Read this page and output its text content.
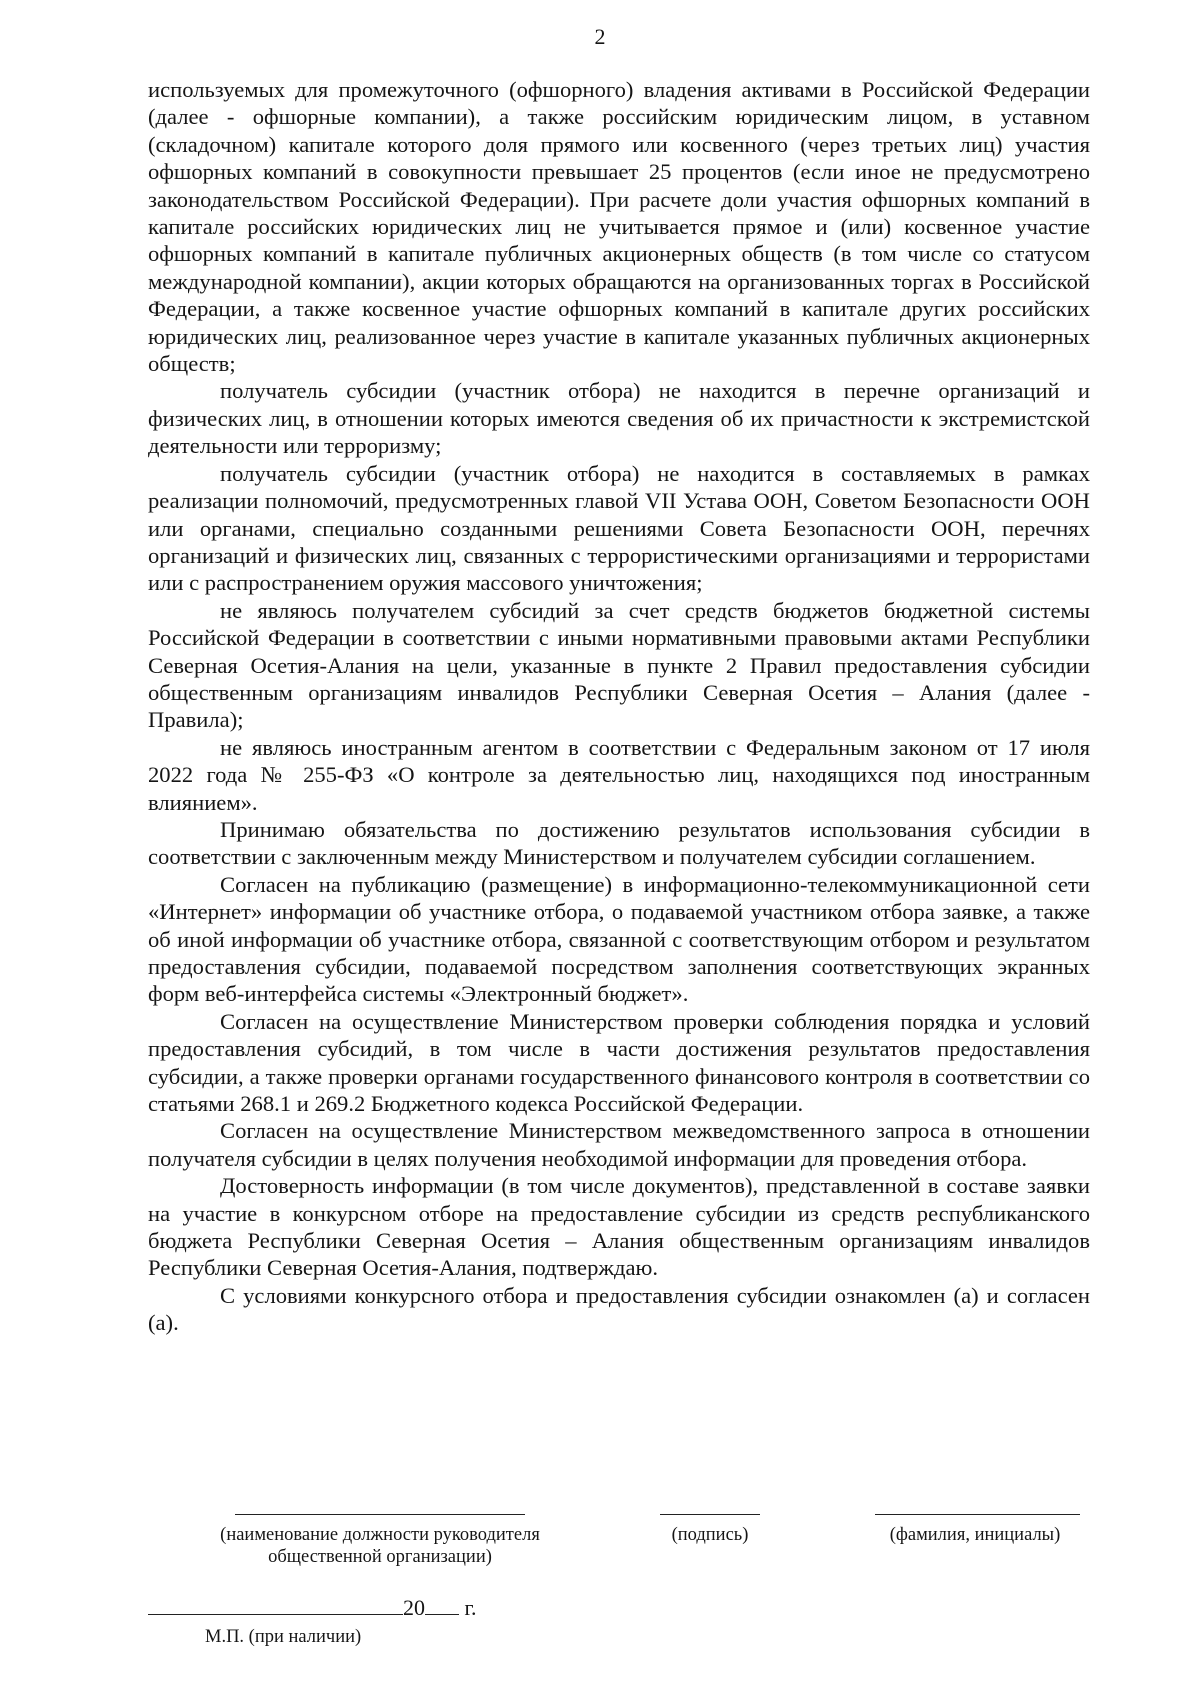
2

используемых для промежуточного (офшорного) владения активами в Российской Федерации (далее - офшорные компании), а также российским юридическим лицом, в уставном (складочном) капитале которого доля прямого или косвенного (через третьих лиц) участия офшорных компаний в совокупности превышает 25 процентов (если иное не предусмотрено законодательством Российской Федерации). При расчете доли участия офшорных компаний в капитале российских юридических лиц не учитывается прямое и (или) косвенное участие офшорных компаний в капитале публичных акционерных обществ (в том числе со статусом международной компании), акции которых обращаются на организованных торгах в Российской Федерации, а также косвенное участие офшорных компаний в капитале других российских юридических лиц, реализованное через участие в капитале указанных публичных акционерных обществ;

получатель субсидии (участник отбора) не находится в перечне организаций и физических лиц, в отношении которых имеются сведения об их причастности к экстремистской деятельности или терроризму;

получатель субсидии (участник отбора) не находится в составляемых в рамках реализации полномочий, предусмотренных главой VII Устава ООН, Советом Безопасности ООН или органами, специально созданными решениями Совета Безопасности ООН, перечнях организаций и физических лиц, связанных с террористическими организациями и террористами или с распространением оружия массового уничтожения;

не являюсь получателем субсидий за счет средств бюджетов бюджетной системы Российской Федерации в соответствии с иными нормативными правовыми актами Республики Северная Осетия-Алания на цели, указанные в пункте 2 Правил предоставления субсидии общественным организациям инвалидов Республики Северная Осетия – Алания (далее - Правила);

не являюсь иностранным агентом в соответствии с Федеральным законом от 17 июля 2022 года № 255-ФЗ «О контроле за деятельностью лиц, находящихся под иностранным влиянием».

Принимаю обязательства по достижению результатов использования субсидии в соответствии с заключенным между Министерством и получателем субсидии соглашением.

Согласен на публикацию (размещение) в информационно-телекоммуникационной сети «Интернет» информации об участнике отбора, о подаваемой участником отбора заявке, а также об иной информации об участнике отбора, связанной с соответствующим отбором и результатом предоставления субсидии, подаваемой посредством заполнения соответствующих экранных форм веб-интерфейса системы «Электронный бюджет».

Согласен на осуществление Министерством проверки соблюдения порядка и условий предоставления субсидий, в том числе в части достижения результатов предоставления субсидии, а также проверки органами государственного финансового контроля в соответствии со статьями 268.1 и 269.2 Бюджетного кодекса Российской Федерации.

Согласен на осуществление Министерством межведомственного запроса в отношении получателя субсидии в целях получения необходимой информации для проведения отбора.

Достоверность информации (в том числе документов), представленной в составе заявки на участие в конкурсном отборе на предоставление субсидии из средств республиканского бюджета Республики Северная Осетия – Алания общественным организациям инвалидов Республики Северная Осетия-Алания, подтверждаю.

С условиями конкурсного отбора и предоставления субсидии ознакомлен (а) и согласен (а).

(наименование должности руководителя
общественной организации)
(подпись)	(фамилия, инициалы)
20 г.
М.П. (при наличии)
